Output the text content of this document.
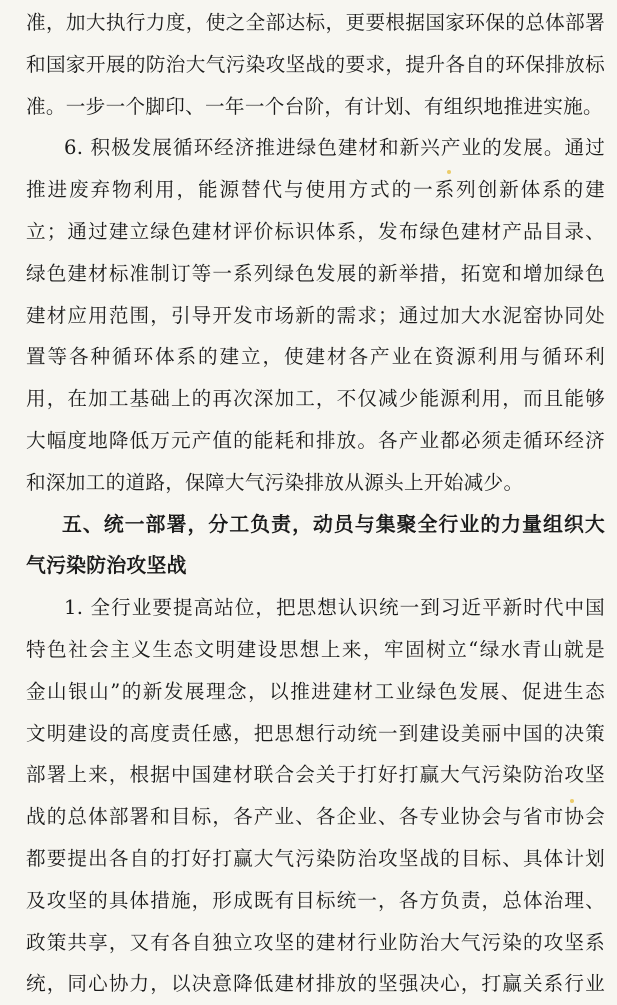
准，加大执行力度，使之全部达标，更要根据国家环保的总体部署
和国家开展的防治大气污染攻坚战的要求，提升各自的环保排放标
准。一步一个脚印、一年一个台阶，有计划、有组织地推进实施。
6. 积极发展循环经济推进绿色建材和新兴产业的发展。通过
推进废弃物利用，能源替代与使用方式的一系列创新体系的建
立；通过建立绿色建材评价标识体系，发布绿色建材产品目录、
绿色建材标准制订等一系列绿色发展的新举措，拓宽和增加绿色
建材应用范围，引导开发市场新的需求；通过加大水泥窑协同处
置等各种循环体系的建立，使建材各产业在资源利用与循环利
用，在加工基础上的再次深加工，不仅减少能源利用，而且能够
大幅度地降低万元产值的能耗和排放。各产业都必须走循环经济
和深加工的道路，保障大气污染排放从源头上开始减少。
五、统一部署，分工负责，动员与集聚全行业的力量组织大
气污染防治攻坚战
1. 全行业要提高站位，把思想认识统一到习近平新时代中国
特色社会主义生态文明建设思想上来，牢固树立“绿水青山就是
金山银山”的新发展理念，以推进建材工业绿色发展、促进生态
文明建设的高度责任感，把思想行动统一到建设美丽中国的决策
部署上来，根据中国建材联合会关于打好打赢大气污染防治攻坚
战的总体部署和目标，各产业、各企业、各专业协会与省市协会
都要提出各自的打好打赢大气污染防治攻坚战的目标、具体计划
及攻坚的具体措施，形成既有目标统一，各方负责，总体治理、
政策共享，又有各自独立攻坚的建材行业防治大气污染的攻坚系
统，同心协力，以决意降低建材排放的坚强决心，打赢关系行业
